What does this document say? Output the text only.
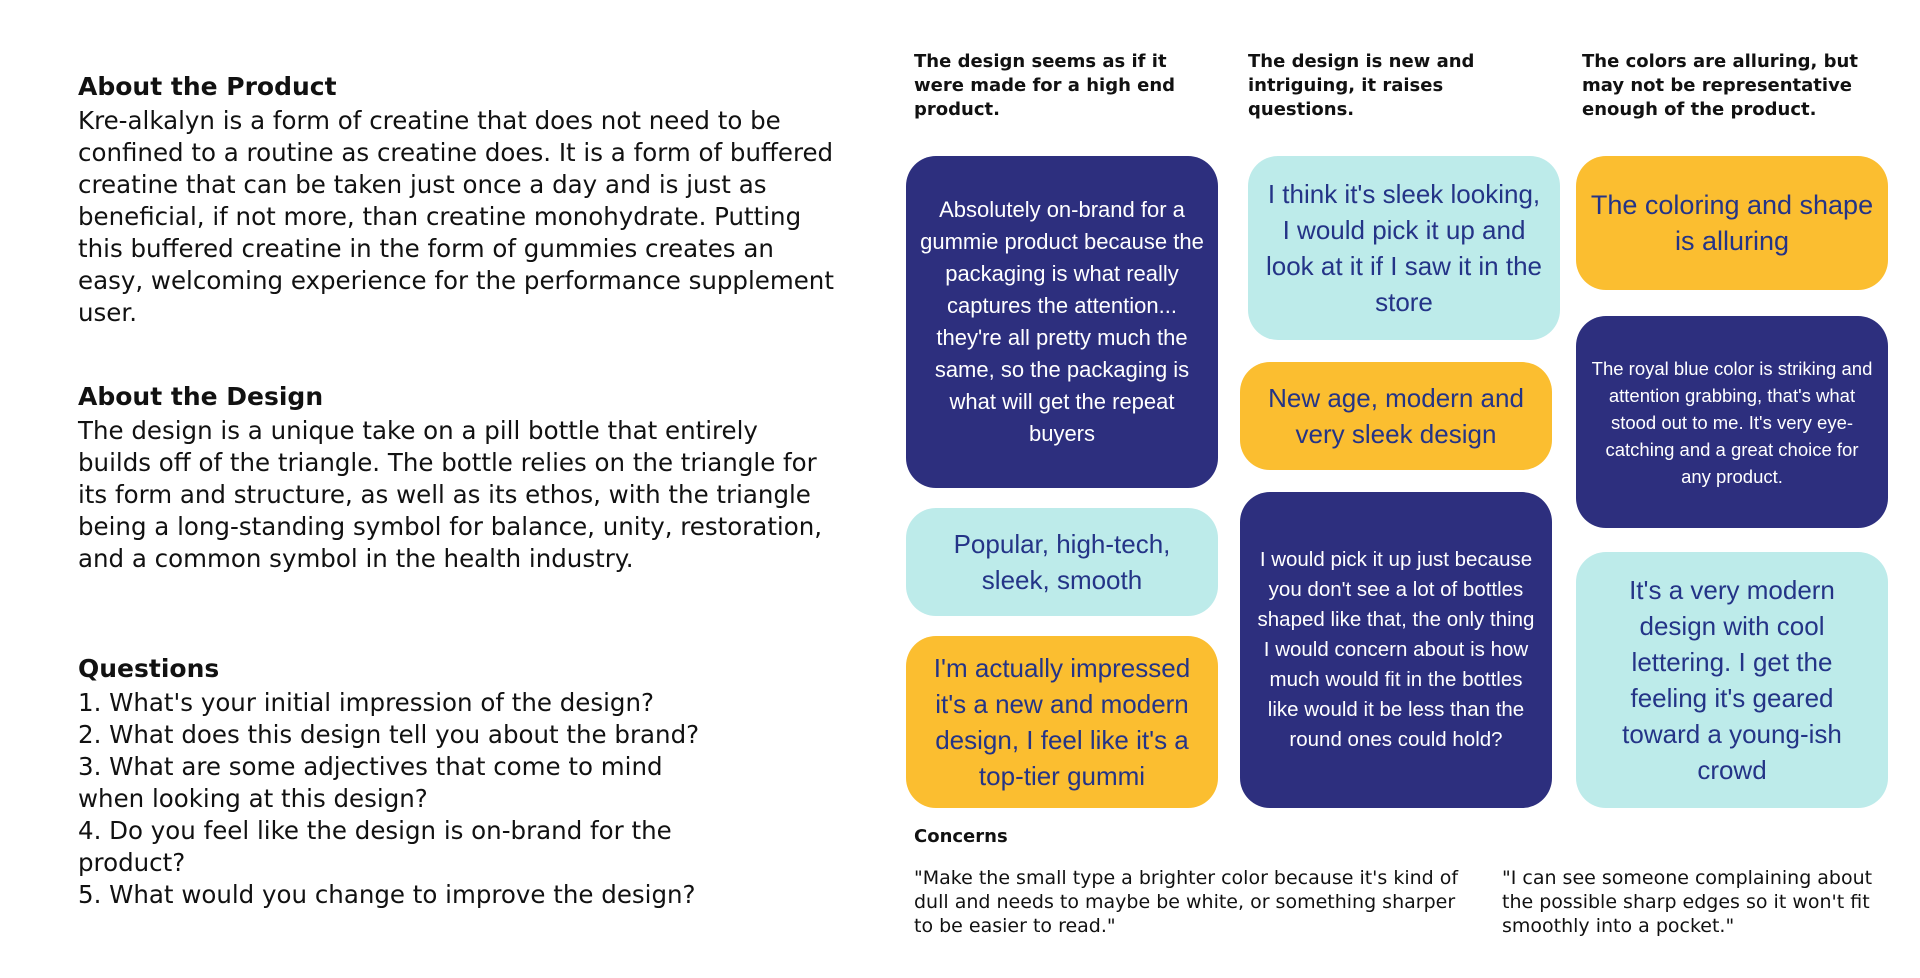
About the Product

Kre-alkalyn is a form of creatine that does not need to be confined to a routine as creatine does. It is a form of buffered creatine that can be taken just once a day and is just as beneficial, if not more, than creatine monohydrate. Putting this buffered creatine in the form of gummies creates an easy, welcoming experience for the performance supplement user.

About the Design

The design is a unique take on a pill bottle that entirely builds off of the triangle. The bottle relies on the triangle for its form and structure, as well as its ethos, with the triangle being a long-standing symbol for balance, unity, restoration, and a common symbol in the health industry.

Questions
1. What's your initial impression of the design?
2. What does this design tell you about the brand?
3. What are some adjectives that come to mind when looking at this design?
4. Do you feel like the design is on-brand for the product?
5. What would you change to improve the design?
The design seems as if it were made for a high end product.
The design is new and intriguing, it raises questions.
The colors are alluring, but may not be representative enough of the product.
Absolutely on-brand for a gummie product because the packaging is what really captures the attention... they're all pretty much the same, so the packaging is what will get the repeat buyers
Popular, high-tech, sleek, smooth
I'm actually impressed it's a new and modern design, I feel like it's a top-tier gummi
I think it's sleek looking, I would pick it up and look at it if I saw it in the store
New age, modern and very sleek design
I would pick it up just because you don't see a lot of bottles shaped like that, the only thing I would concern about is how much would fit in the bottles like would it be less than the round ones could hold?
The coloring and shape is alluring
The royal blue color is striking and attention grabbing, that's what stood out to me. It's very eye-catching and a great choice for any product.
It's a very modern design with cool lettering. I get the feeling it's geared toward a young-ish crowd
Concerns
"Make the small type a brighter color because it's kind of dull and needs to maybe be white, or something sharper to be easier to read."
"I can see someone complaining about the possible sharp edges so it won't fit smoothly into a pocket."
